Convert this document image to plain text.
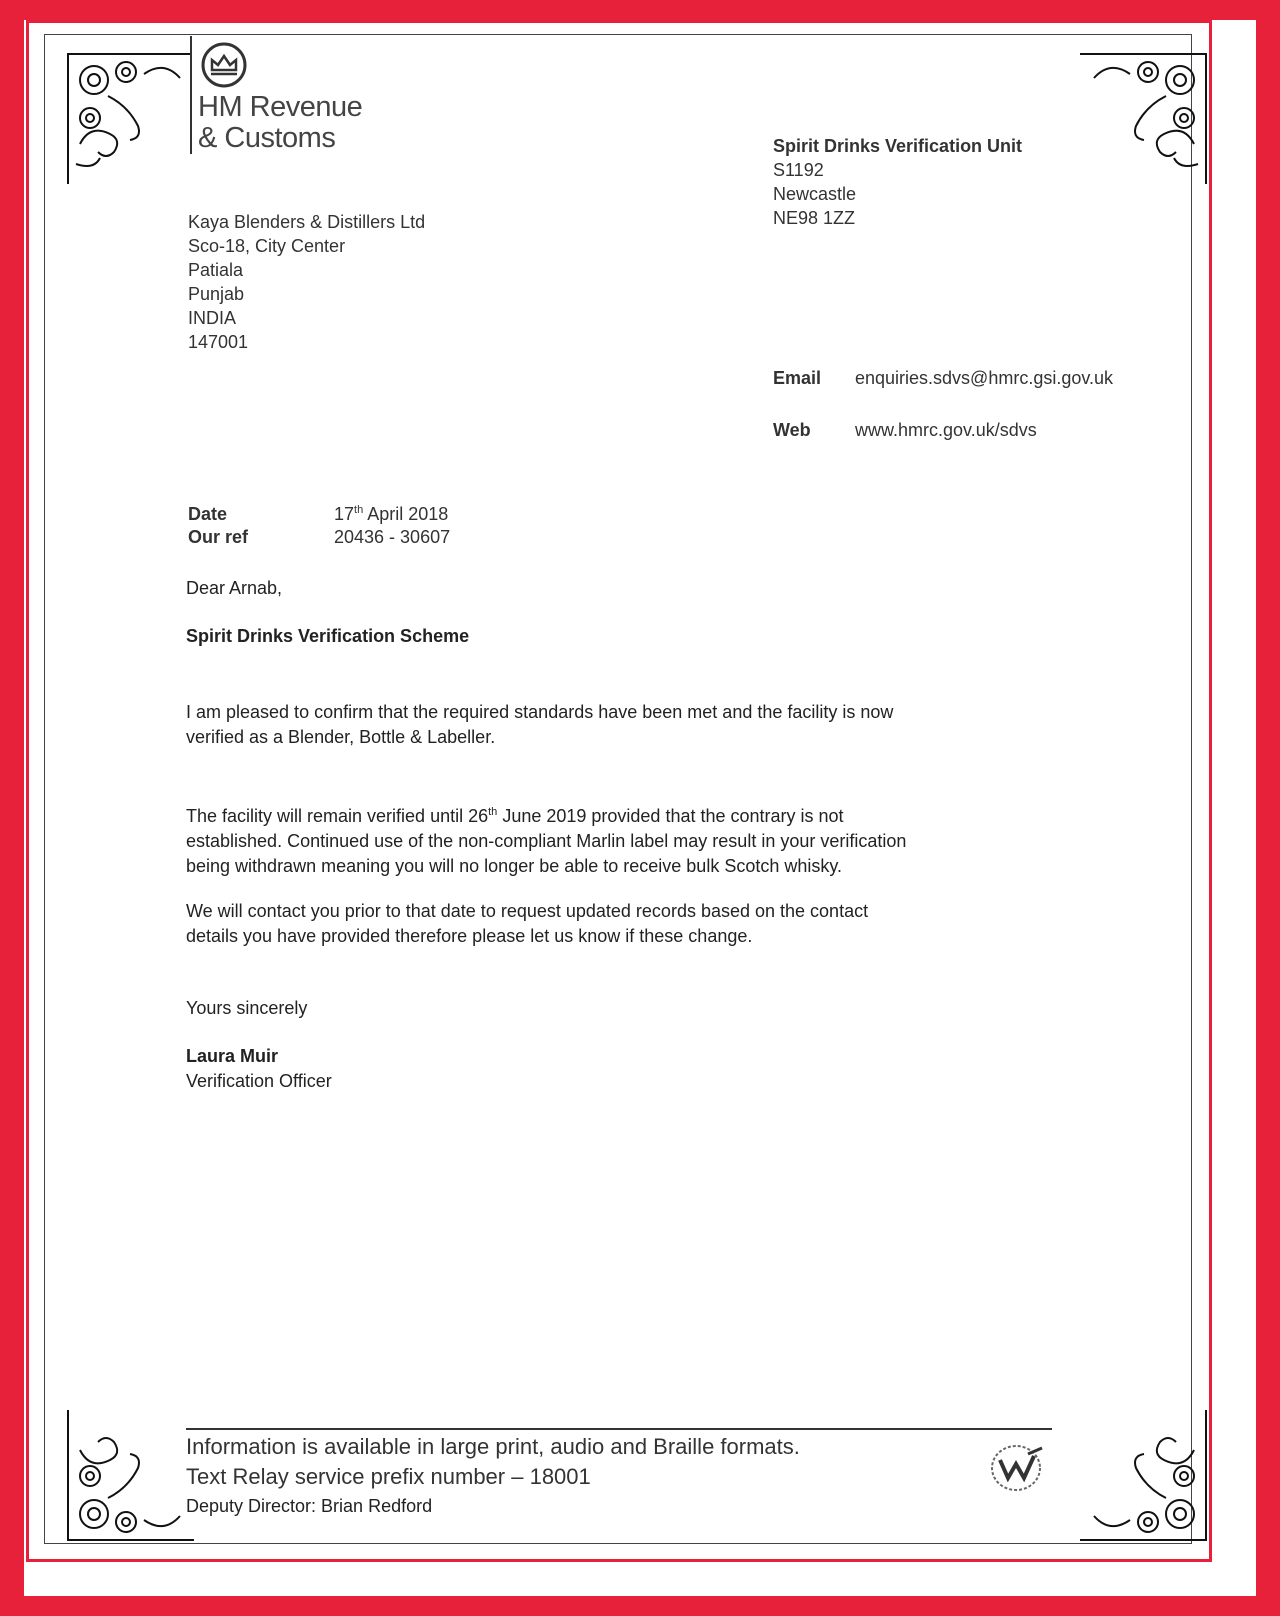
HM Revenue
& Customs	Spirit Drinks Verification Unit
S1192
Newcastle
NE98 1ZZ
Kaya Blenders & Distillers Ltd
Sco-18, City Center
Patiala
Punjab
INDIA
147001
Email enquiries.sdvs@hmrc.gsi.gov.uk
Web www.hmrc.gov.uk/sdvs
Date	17th April 2018
Our ref	20436 - 30607
Dear Arnab,
Spirit Drinks Verification Scheme
I am pleased to confirm that the required standards have been met and the facility is now
verified as a Blender, Bottle & Labeller.
The facility will remain verified until 26th June 2019 provided that the contrary is not
established. Continued use of the non-compliant Marlin label may result in your verification
being withdrawn meaning you will no longer be able to receive bulk Scotch whisky.
We will contact you prior to that date to request updated records based on the contact
details you have provided therefore please let us know if these change.
Yours sincerely
Laura Muir
Verification Officer
Information is available in large print, audio and Braille formats.
Text Relay service prefix number – 18001
Deputy Director: Brian Redford
